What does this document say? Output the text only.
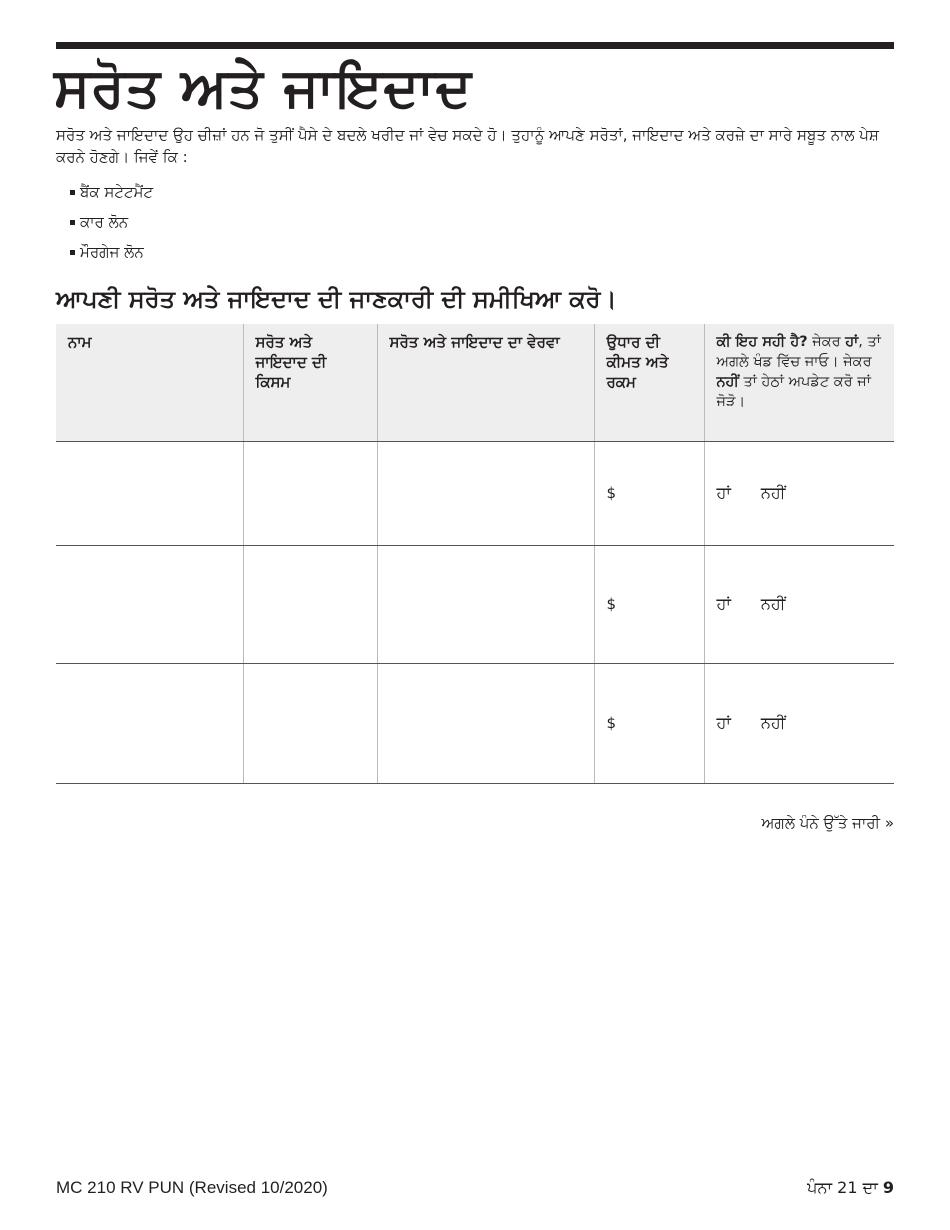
ਸਰੋਤ ਅਤੇ ਜਾਇਦਾਦ

ਸਰੋਤ ਅਤੇ ਜਾਇਦਾਦ ਉਹ ਚੀਜ਼ਾਂ ਹਨ ਜੋ ਤੁਸੀਂ ਪੈਸੇ ਦੇ ਬਦਲੇ ਖਰੀਦ ਜਾਂ ਵੇਚ ਸਕਦੇ ਹੋ। ਤੁਹਾਨੂੰ ਆਪਣੇ ਸਰੋਤਾਂ, ਜਾਇਦਾਦ ਅਤੇ ਕਰਜ਼ੇ ਦਾ ਸਾਰੇ ਸਬੂਤ ਨਾਲ ਪੇਸ਼ ਕਰਨੇ ਹੋਣਗੇ। ਜਿਵੇਂ ਕਿ :

ਬੈਂਕ ਸਟੇਟਮੈਂਟ
ਕਾਰ ਲੋਨ
ਮੌਰਗੇਜ ਲੋਨ
ਆਪਣੀ ਸਰੋਤ ਅਤੇ ਜਾਇਦਾਦ ਦੀ ਜਾਣਕਾਰੀ ਦੀ ਸਮੀਖਿਆ ਕਰੋ।
ਨਾਮ	ਸਰੋਤ ਅਤੇ ਜਾਇਦਾਦ ਦੀ ਕਿਸਮ	ਸਰੋਤ ਅਤੇ ਜਾਇਦਾਦ ਦਾ ਵੇਰਵਾ	ਉਧਾਰ ਦੀ ਕੀਮਤ ਅਤੇ ਰਕਮ	ਕੀ ਇਹ ਸਹੀ ਹੈ? ਜੇਕਰ ਹਾਂ, ਤਾਂ ਅਗਲੇ ਖੰਡ ਵਿੱਚ ਜਾਓ। ਜੇਕਰ ਨਹੀਂ ਤਾਂ ਹੇਠਾਂ ਅਪਡੇਟ ਕਰੋ ਜਾਂ ਜੋੜੋ।
			$	ਹਾਂ ਨਹੀਂ
			$	ਹਾਂ ਨਹੀਂ
			$	ਹਾਂ ਨਹੀਂ
ਅਗਲੇ ਪੰਨੇ ਉੱਤੇ ਜਾਰੀ »
MC 210 RV PUN (Revised 10/2020)	ਪੰਨਾ 21 ਦਾ 9
